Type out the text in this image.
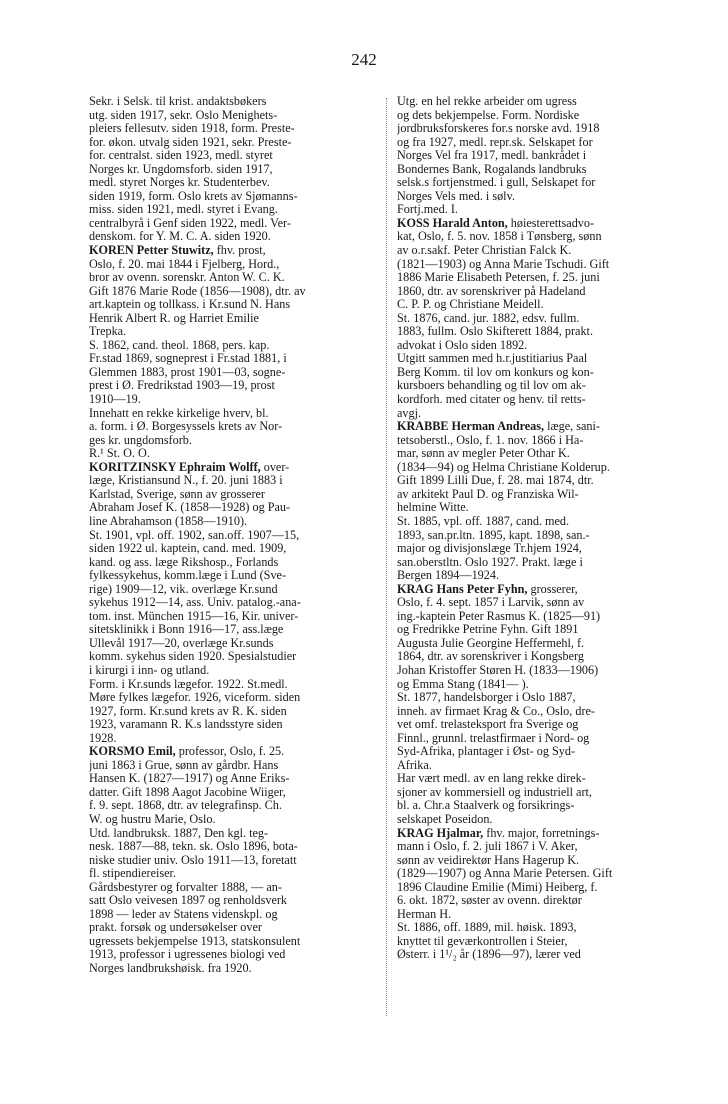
242
Sekr. i Selsk. til krist. andaktsbøkers
utg. siden 1917, sekr. Oslo Menighets-
pleiers fellesutv. siden 1918, form. Preste-
for. økon. utvalg siden 1921, sekr. Preste-
for. centralst. siden 1923, medl. styret
Norges kr. Ungdomsforb. siden 1917,
medl. styret Norges kr. Studenterbev.
siden 1919, form. Oslo krets av Sjømanns-
miss. siden 1921, medl. styret i Evang.
centralbyrå i Genf siden 1922, medl. Ver-
denskom. for Y. M. C. A. siden 1920.
KOREN Petter Stuwitz, fhv. prost,
Oslo, f. 20. mai 1844 i Fjelberg, Hord.,
bror av ovenn. sorenskr. Anton W. C. K.
Gift 1876 Marie Rode (1856—1908), dtr. av
art.kaptein og tollkass. i Kr.sund N. Hans
Henrik Albert R. og Harriet Emilie
Trepka.
S. 1862, cand. theol. 1868, pers. kap.
Fr.stad 1869, sogneprest i Fr.stad 1881, i
Glemmen 1883, prost 1901—03, sogne-
prest i Ø. Fredrikstad 1903—19, prost
1910—19.
Innehatt en rekke kirkelige hverv, bl.
a. form. i Ø. Borgesyssels krets av Nor-
ges kr. ungdomsforb.
R.¹ St. O. O.
KORITZINSKY Ephraim Wolff, over-
læge, Kristiansund N., f. 20. juni 1883 i
Karlstad, Sverige, sønn av grosserer
Abraham Josef K. (1858—1928) og Pau-
line Abrahamson (1858—1910).
St. 1901, vpl. off. 1902, san.off. 1907—15,
siden 1922 ul. kaptein, cand. med. 1909,
kand. og ass. læge Rikshosp., Forlands
fylkessykehus, komm.læge i Lund (Sve-
rige) 1909—12, vik. overlæge Kr.sund
sykehus 1912—14, ass. Univ. patalog.-ana-
tom. inst. München 1915—16, Kir. univer-
sitetsklinikk i Bonn 1916—17, ass.læge
Ullevål 1917—20, overlæge Kr.sunds
komm. sykehus siden 1920. Spesialstudier
i kirurgi i inn- og utland.
Form. i Kr.sunds lægefor. 1922. St.medl.
Møre fylkes lægefor. 1926, viceform. siden
1927, form. Kr.sund krets av R. K. siden
1923, varamann R. K.s landsstyre siden
1928.
KORSMO Emil, professor, Oslo, f. 25.
juni 1863 i Grue, sønn av gårdbr. Hans
Hansen K. (1827—1917) og Anne Eriks-
datter. Gift 1898 Aagot Jacobine Wiiger,
f. 9. sept. 1868, dtr. av telegrafinsp. Ch.
W. og hustru Marie, Oslo.
Utd. landbruksk. 1887, Den kgl. teg-
nesk. 1887—88, tekn. sk. Oslo 1896, bota-
niske studier univ. Oslo 1911—13, foretatt
fl. stipendiereiser.
Gårdsbestyrer og forvalter 1888, — an-
satt Oslo veivesen 1897 og renholdsverk
1898 — leder av Statens videnskpl. og
prakt. forsøk og undersøkelser over
ugressets bekjempelse 1913, statskonsulent
1913, professor i ugressenes biologi ved
Norges landbrukshøisk. fra 1920.
Utg. en hel rekke arbeider om ugress
og dets bekjempelse. Form. Nordiske
jordbruksforskeres for.s norske avd. 1918
og fra 1927, medl. repr.sk. Selskapet for
Norges Vel fra 1917, medl. bankrådet i
Bondernes Bank, Rogalands landbruks
selsk.s fortjenstmed. i gull, Selskapet for
Norges Vels med. i sølv.
Fortj.med. I.
KOSS Harald Anton, høiesterettsadvo-
kat, Oslo, f. 5. nov. 1858 i Tønsberg, sønn
av o.r.sakf. Peter Christian Falck K.
(1821—1903) og Anna Marie Tschudi. Gift
1886 Marie Elisabeth Petersen, f. 25. juni
1860, dtr. av sorenskriver på Hadeland
C. P. P. og Christiane Meidell.
St. 1876, cand. jur. 1882, edsv. fullm.
1883, fullm. Oslo Skifterett 1884, prakt.
advokat i Oslo siden 1892.
Utgitt sammen med h.r.justitiarius Paal
Berg Komm. til lov om konkurs og kon-
kursboers behandling og til lov om ak-
kordforh. med citater og henv. til retts-
avgj.
KRABBE Herman Andreas, læge, sani-
tetsoberstl., Oslo, f. 1. nov. 1866 i Ha-
mar, sønn av megler Peter Othar K.
(1834—94) og Helma Christiane Kolderup.
Gift 1899 Lilli Due, f. 28. mai 1874, dtr.
av arkitekt Paul D. og Franziska Wil-
helmine Witte.
St. 1885, vpl. off. 1887, cand. med.
1893, san.pr.ltn. 1895, kapt. 1898, san.-
major og divisjonslæge Tr.hjem 1924,
san.oberstltn. Oslo 1927. Prakt. læge i
Bergen 1894—1924.
KRAG Hans Peter Fyhn, grosserer,
Oslo, f. 4. sept. 1857 i Larvik, sønn av
ing.-kaptein Peter Rasmus K. (1825—91)
og Fredrikke Petrine Fyhn. Gift 1891
Augusta Julie Georgine Heffermehl, f.
1864, dtr. av sorenskriver i Kongsberg
Johan Kristoffer Støren H. (1833—1906)
og Emma Stang (1841— ).
St. 1877, handelsborger i Oslo 1887,
inneh. av firmaet Krag & Co., Oslo, dre-
vet omf. trelasteksport fra Sverige og
Finnl., grunnl. trelastfirmaer i Nord- og
Syd-Afrika, plantager i Øst- og Syd-
Afrika.
Har vært medl. av en lang rekke direk-
sjoner av kommersiell og industriell art,
bl. a. Chr.a Staalverk og forsikrings-
selskapet Poseidon.
KRAG Hjalmar, fhv. major, forretnings-
mann i Oslo, f. 2. juli 1867 i V. Aker,
sønn av veidirektør Hans Hagerup K.
(1829—1907) og Anna Marie Petersen. Gift
1896 Claudine Emilie (Mimi) Heiberg, f.
6. okt. 1872, søster av ovenn. direktør
Herman H.
St. 1886, off. 1889, mil. høisk. 1893,
knyttet til geværkontrollen i Steier,
Østerr. i 1¹/₂ år (1896—97), lærer ved
